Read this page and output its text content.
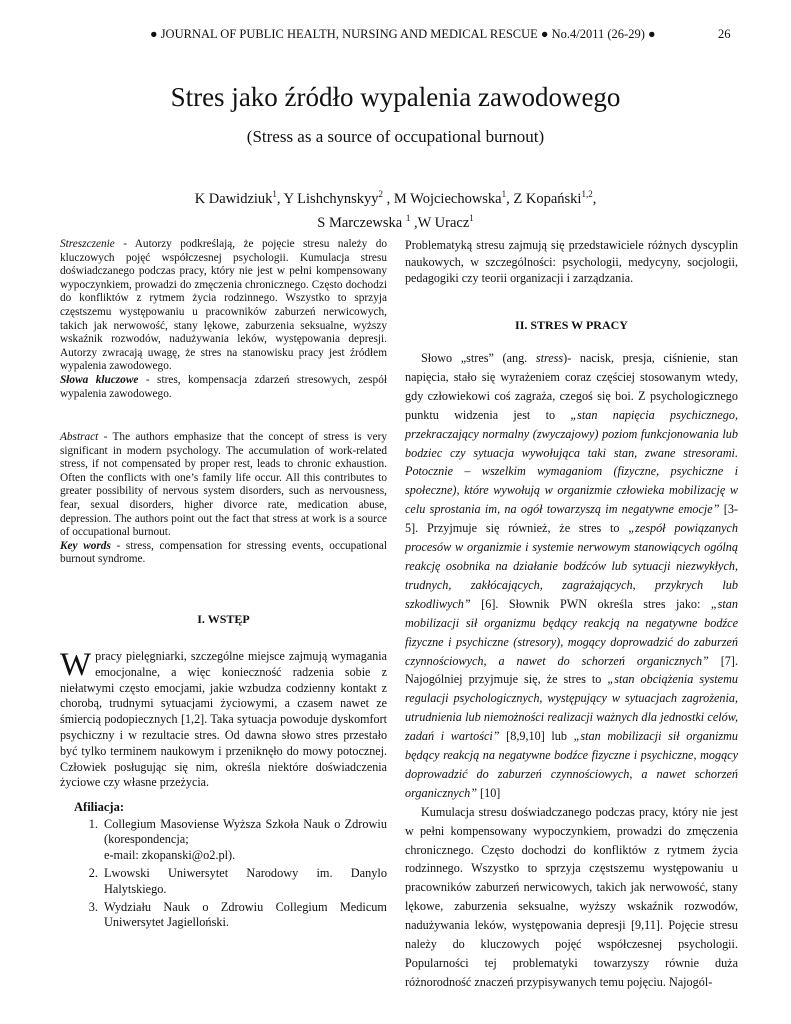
● JOURNAL OF PUBLIC HEALTH, NURSING AND MEDICAL RESCUE ● No.4/2011 (26-29) ●	26
Stres jako źródło wypalenia zawodowego
(Stress as a source of occupational burnout)
K Dawidziuk$^1$, Y Lishchynskyy$^2$ , M Wojciechowska$^1$, Z Kopański$^{1,2}$,
S Marczewska $^1$ ,W Uracz$^1$

Streszczenie - Autorzy podkreślają, że pojęcie stresu należy do kluczowych pojęć współczesnej psychologii. Kumulacja stresu doświadczanego podczas pracy, który nie jest w pełni kompensowany wypoczynkiem, prowadzi do zmęczenia chronicznego. Często dochodzi do konfliktów z rytmem życia rodzinnego. Wszystko to sprzyja częstszemu występowaniu u pracowników zaburzeń nerwicowych, takich jak nerwowość, stany lękowe, zaburzenia seksualne, wyższy wskaźnik rozwodów, nadużywania leków, występowania depresji. Autorzy zwracają uwagę, że stres na stanowisku pracy jest źródłem wypalenia zawodowego.

Słowa kluczowe - stres, kompensacja zdarzeń stresowych, zespół wypalenia zawodowego.

Abstract - The authors emphasize that the concept of stress is very significant in modern psychology. The accumulation of work-related stress, if not compensated by proper rest, leads to chronic exhaustion. Often the conflicts with one’s family life occur. All this contributes to greater possibility of nervous system disorders, such as nervousness, fear, sexual disorders, higher divorce rate, medication abuse, depression. The authors point out the fact that stress at work is a source of occupational burnout.

Key words - stress, compensation for stressing events, occupational burnout syndrome.

I. WSTĘP

W pracy pielęgniarki, szczególne miejsce zajmują wymagania emocjonalne, a więc konieczność radzenia sobie z niełatwymi często emocjami, jakie wzbudza codzienny kontakt z chorobą, trudnymi sytuacjami życiowymi, a czasem nawet ze śmiercią podopiecznych [1,2]. Taka sytuacja powoduje dyskomfort psychiczny i w rezultacie stres. Od dawna słowo stres przestało być tylko terminem naukowym i przeniknęło do mowy potocznej. Człowiek posługując się nim, określa niektóre doświadczenia życiowe czy własne przeżycia.

Afiliacja:
1. Collegium Masoviense Wyższa Szkoła Nauk o Zdrowiu (korespondencja;
e-mail: zkopanski@o2.pl).
2. Lwowski Uniwersytet Narodowy im. Danylo Halytskiego.
3. Wydziału Nauk o Zdrowiu Collegium Medicum Uniwersytet Jagielloński.
Problematyką stresu zajmują się przedstawiciele różnych dyscyplin naukowych, w szczególności: psychologii, medycyny, socjologii, pedagogiki czy teorii organizacji i zarządzania.
II. STRES W PRACY

Słowo „stres” (ang. stress)- nacisk, presja, ciśnienie, stan napięcia, stało się wyrażeniem coraz częściej stosowanym wtedy, gdy człowiekowi coś zagraża, czegoś się boi. Z psychologicznego punktu widzenia jest to „stan napięcia psychicznego, przekraczający normalny (zwyczajowy) poziom funkcjonowania lub bodziec czy sytuacja wywołująca taki stan, zwane stresorami. Potocznie – wszelkim wymaganiom (fizyczne, psychiczne i społeczne), które wywołują w organizmie człowieka mobilizację w celu sprostania im, na ogół towarzyszą im negatywne emocje” [3-5]. Przyjmuje się również, że stres to „zespół powiązanych procesów w organizmie i systemie nerwowym stanowiących ogólną reakcję osobnika na działanie bodźców lub sytuacji niezwykłych, trudnych, zakłócających, zagrażających, przykrych lub szkodliwych” [6]. Słownik PWN określa stres jako: „stan mobilizacji sił organizmu będący reakcją na negatywne bodźce fizyczne i psychiczne (stresory), mogący doprowadzić do zaburzeń czynnościowych, a nawet do schorzeń organicznych” [7]. Najogólniej przyjmuje się, że stres to „stan obciążenia systemu regulacji psychologicznych, występujący w sytuacjach zagrożenia, utrudnienia lub niemożności realizacji ważnych dla jednostki celów, zadań i wartości” [8,9,10] lub „stan mobilizacji sił organizmu będący reakcją na negatywne bodźce fizyczne i psychiczne, mogący doprowadzić do zaburzeń czynnościowych, a nawet schorzeń organicznych” [10]

Kumulacja stresu doświadczanego podczas pracy, który nie jest w pełni kompensowany wypoczynkiem, prowadzi do zmęczenia chronicznego. Często dochodzi do konfliktów z rytmem życia rodzinnego. Wszystko to sprzyja częstszemu występowaniu u pracowników zaburzeń nerwicowych, takich jak nerwowość, stany lękowe, zaburzenia seksualne, wyższy wskaźnik rozwodów, nadużywania leków, występowania depresji [9,11]. Pojęcie stresu należy do kluczowych pojęć współczesnej psychologii. Popularności tej problematyki towarzyszy równie duża różnorodność znaczeń przypisywanych temu pojęciu. Najogól-
